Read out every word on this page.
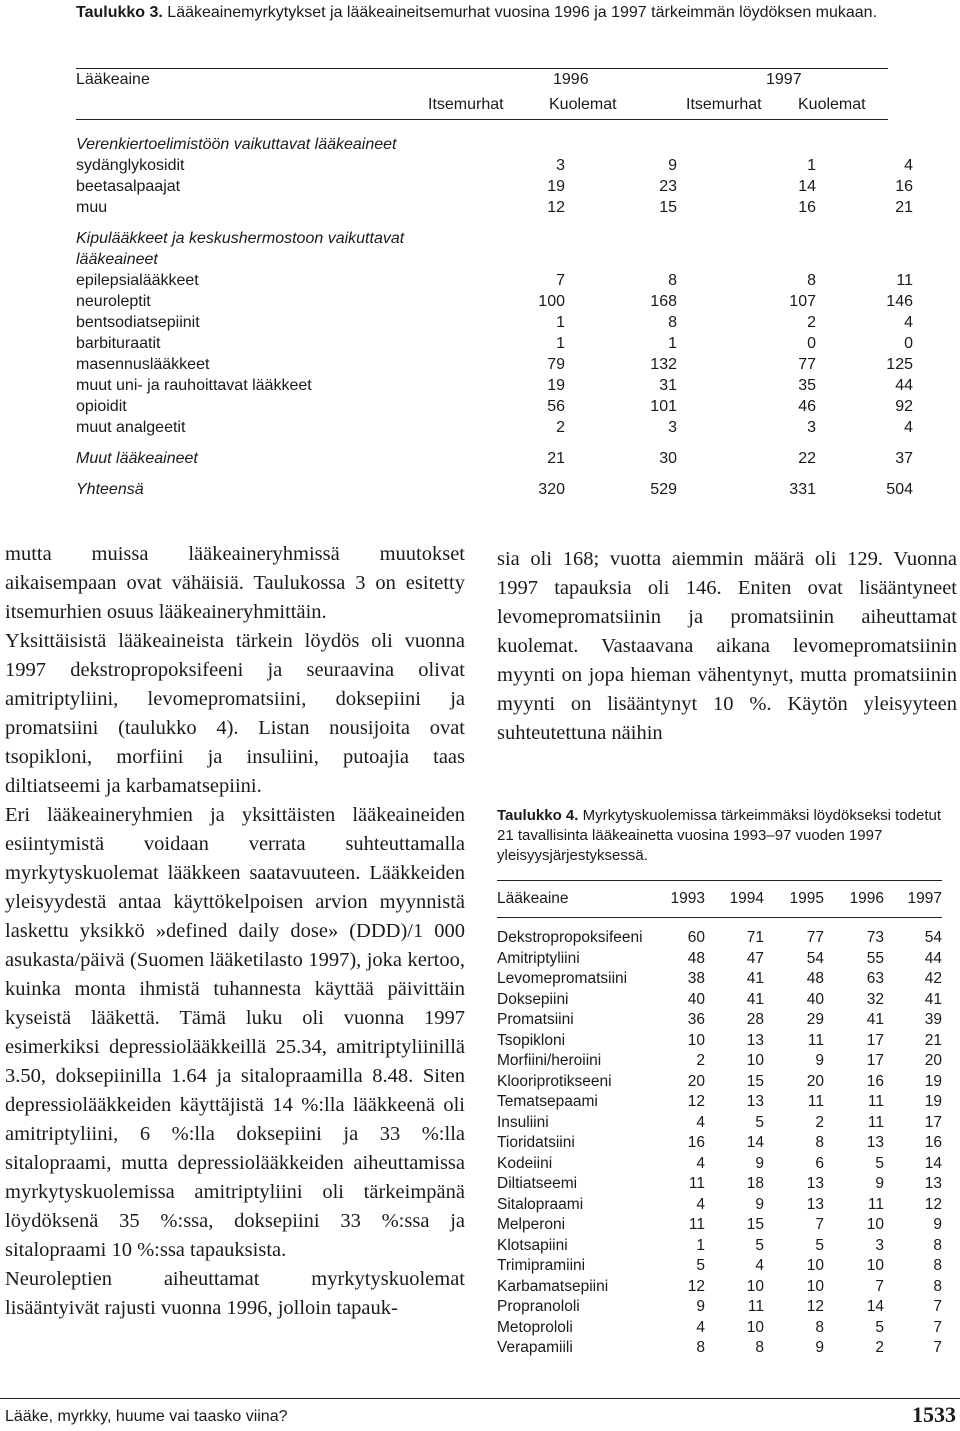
Taulukko 3. Lääkeainemyrkytykset ja lääkeaineitsemurhat vuosina 1996 ja 1997 tärkeimmän löydöksen mukaan.
Lääkeaine	1996	1997
Itsemurhat	Kuolemat	Itsemurhat Kuolemat
Verenkiertoelimistöön vaikuttavat lääkeaineet
sydänglykosidit	3	9	1	4
beetasalpaajat	19	23	14	16
muu	12	15	16	21
Kipulääkkeet ja keskushermostoon vaikuttavat lääkeaineet
epilepsialääkkeet	7	8	8	11
neuroleptit	100	168	107	146
bentsodiatsepiinit	1	8	2	4
barbituraatit	1	1	0	0
masennuslääkkeet	79	132	77	125
muut uni- ja rauhoittavat lääkkeet	19	31	35	44
opioidit	56	101	46	92
muut analgeetit	2	3	3	4
Muut lääkeaineet	21	30	22	37
Yhteensä	320	529	331	504

mutta muissa lääkeaineryhmissä muutokset aikaisempaan ovat vähäisiä. Taulukossa 3 on esitetty itsemurhien osuus lääkeaineryhmittäin.

Yksittäisistä lääkeaineista tärkein löydös oli vuonna 1997 dekstropropoksifeeni ja seuraavina olivat amitriptyliini, levomepromatsiini, doksepiini ja promatsiini (taulukko 4). Listan nousijoita ovat tsopikloni, morfiini ja insuliini, putoajia taas diltiatseemi ja karbamatsepiini.

Eri lääkeaineryhmien ja yksittäisten lääkeaineiden esiintymistä voidaan verrata suhteuttamalla myrkytyskuolemat lääkkeen saatavuuteen. Lääkkeiden yleisyydestä antaa käyttökelpoisen arvion myynnistä laskettu yksikkö »defined daily dose» (DDD)/1 000 asukasta/päivä (Suomen lääketilasto 1997), joka kertoo, kuinka monta ihmistä tuhannesta käyttää päivittäin kyseistä lääkettä. Tämä luku oli vuonna 1997 esimerkiksi depressiolääkkeillä 25.34, amitriptyliinillä 3.50, doksepiinilla 1.64 ja sitalopraamilla 8.48. Siten depressiolääkkeiden käyttäjistä 14 %:lla lääkkeenä oli amitriptyliini, 6 %:lla doksepiini ja 33 %:lla sitalopraami, mutta depressiolääkkeiden aiheuttamissa myrkytyskuolemissa amitriptyliini oli tärkeimpänä löydöksenä 35 %:ssa, doksepiini 33 %:ssa ja sitalopraami 10 %:ssa tapauksista.

Neuroleptien aiheuttamat myrkytyskuolemat lisääntyivät rajusti vuonna 1996, jolloin tapauk-

sia oli 168; vuotta aiemmin määrä oli 129. Vuonna 1997 tapauksia oli 146. Eniten ovat lisääntyneet levomepromatsiinin ja promatsiinin aiheuttamat kuolemat. Vastaavana aikana levomepromatsiinin myynti on jopa hieman vähentynyt, mutta promatsiinin myynti on lisääntynyt 10 %. Käytön yleisyyteen suhteutettuna näihin

Taulukko 4. Myrkytyskuolemissa tärkeimmäksi löydökseksi todetut 21 tavallisinta lääkeainetta vuosina 1993–97 vuoden 1997 yleisyysjärjestyksessä.
Lääkeaine	1993	1994	1995	1996	1997
Dekstropropoksifeeni	60	71	77	73	54
Amitriptyliini	48	47	54	55	44
Levomepromatsiini	38	41	48	63	42
Doksepiini	40	41	40	32	41
Promatsiini	36	28	29	41	39
Tsopikloni	10	13	11	17	21
Morfiini/heroiini	2	10	9	17	20
Klooriprotikseeni	20	15	20	16	19
Tematsepaami	12	13	11	11	19
Insuliini	4	5	2	11	17
Tioridatsiini	16	14	8	13	16
Kodeiini	4	9	6	5	14
Diltiatseemi	11	18	13	9	13
Sitalopraami	4	9	13	11	12
Melperoni	11	15	7	10	9
Klotsapiini	1	5	5	3	8
Trimipramiini	5	4	10	10	8
Karbamatsepiini	12	10	10	7	8
Propranololi	9	11	12	14	7
Metoprololi	4	10	8	5	7
Verapamiili	8	8	9	2	7
Lääke, myrkky, huume vai taasko viina?	1533
